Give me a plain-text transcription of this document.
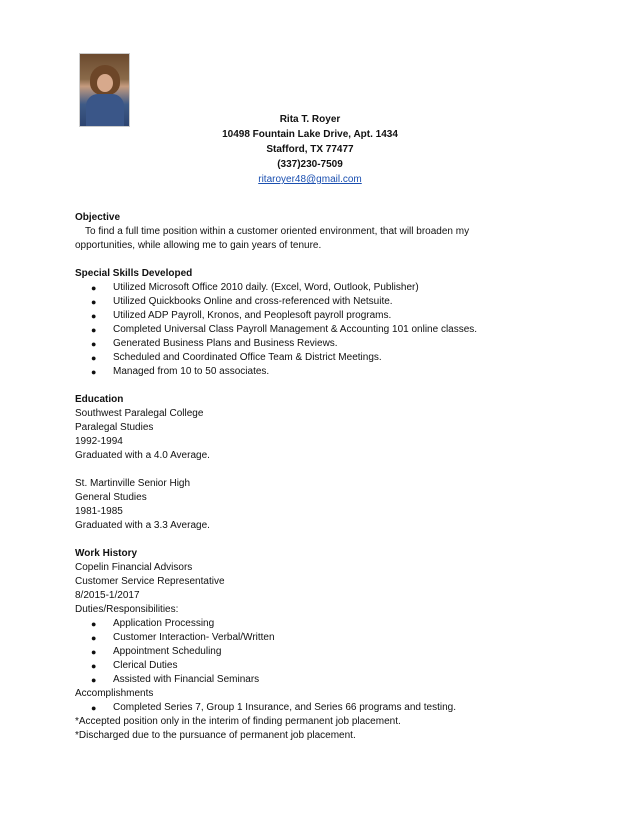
Rita T. Royer
10498 Fountain Lake Drive, Apt. 1434
Stafford, TX 77477
(337)230-7509
ritaroyer48@gmail.com
Objective
To find a full time position within a customer oriented environment, that will broaden my
opportunities, while allowing me to gain years of tenure.
Special Skills Developed
● Utilized Microsoft Office 2010 daily. (Excel, Word, Outlook, Publisher)
● Utilized Quickbooks Online and cross-referenced with Netsuite.
● Utilized ADP Payroll, Kronos, and Peoplesoft payroll programs.
● Completed Universal Class Payroll Management & Accounting 101 online classes.
● Generated Business Plans and Business Reviews.
● Scheduled and Coordinated Office Team & District Meetings.
● Managed from 10 to 50 associates.
Education
Southwest Paralegal College
Paralegal Studies
1992-1994
Graduated with a 4.0 Average.
St. Martinville Senior High
General Studies
1981-1985
Graduated with a 3.3 Average.
Work History
Copelin Financial Advisors
Customer Service Representative
8/2015-1/2017
Duties/Responsibilities:
● Application Processing
● Customer Interaction- Verbal/Written
● Appointment Scheduling
● Clerical Duties
● Assisted with Financial Seminars
Accomplishments
● Completed Series 7, Group 1 Insurance, and Series 66 programs and testing.
*Accepted position only in the interim of finding permanent job placement.
*Discharged due to the pursuance of permanent job placement.
